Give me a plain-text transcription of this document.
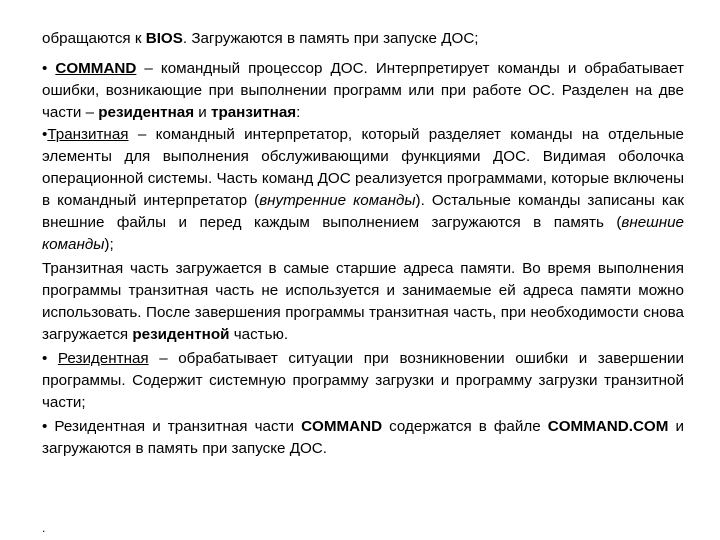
обращаются к BIOS. Загружаются в память при запуске ДОС;

• COMMAND – командный процессор ДОС. Интерпретирует команды и обрабатывает ошибки, возникающие при выполнении программ или при работе ОС. Разделен на две части – резидентная и транзитная:

•Транзитная – командный интерпретатор, который разделяет команды на отдельные элементы для выполнения обслуживающими функциями ДОС. Видимая оболочка операционной системы. Часть команд ДОС реализуется программами, которые включены в командный интерпретатор (внутренние команды). Остальные команды записаны как внешние файлы и перед каждым выполнением загружаются в память (внешние команды);

Транзитная часть загружается в самые старшие адреса памяти. Во время выполнения программы транзитная часть не используется и занимаемые ей адреса памяти можно использовать. После завершения программы транзитная часть, при необходимости снова загружается резидентной частью.

• Резидентная – обрабатывает ситуации при возникновении ошибки и завершении программы. Содержит системную программу загрузки и программу загрузки транзитной части;

• Резидентная и транзитная части COMMAND содержатся в файле COMMAND.COM и загружаются в память при запуске ДОС.

.
